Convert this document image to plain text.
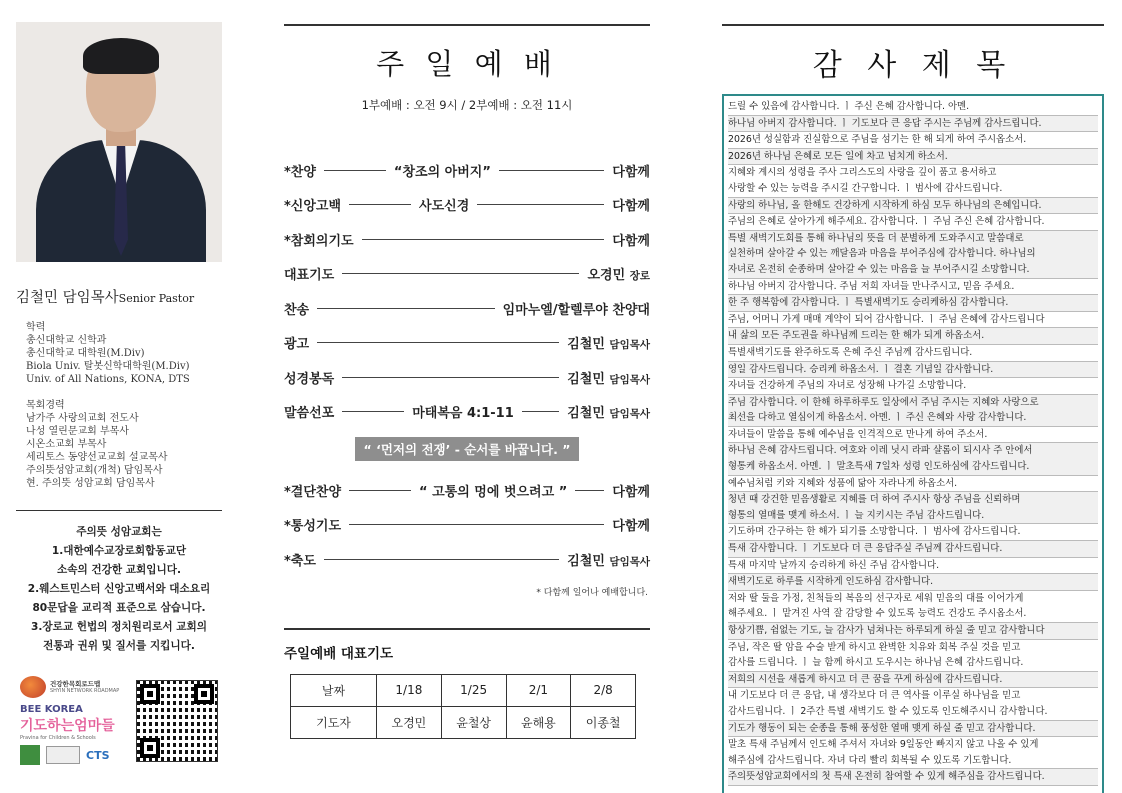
김철민 담임목사Senior Pastor
학력
총신대학교 신학과
총신대학교 대학원(M.Div)
Biola Univ. 탈봇신학대학원(M.Div)
Univ. of All Nations, KONA, DTS
목회경력
남가주 사랑의교회 전도사
나성 열린문교회 부목사
시온소교회 부목사
세리토스 동양선교교회 설교목사
주의뜻성암교회(개척) 담임목사
현. 주의뜻 성암교회 담임목사
주의뜻 성암교회는
1.대한예수교장로회합동교단
소속의 건강한 교회입니다.
2.웨스트민스터 신앙고백서와 대소요리
80문답을 교리적 표준으로 삼습니다.
3.장로교 헌법의 정치원리로서 교회의
전통과 권위 및 질서를 지킵니다.
건강한목회로드맵
SHYIN NETWORK ROADMAP
BEE KOREA
기도하는엄마들
Pravina for Children & Schools
CTS
주 일 예 배
1부예배 : 오전 9시 / 2부예배 : 오전 11시
*찬양	“창조의 아버지”	다함께
*신앙고백	사도신경	다함께
*참회의기도	다함께
대표기도	오경민 장로
찬송	임마누엘/할렐루야 찬양대
광고	김철민 담임목사
성경봉독	김철민 담임목사
말씀선포	마태복음 4:1-11	김철민 담임목사
“ ‘먼저의 전쟁’ - 순서를 바꿉니다. ”
*결단찬양	“ 고통의 멍에 벗으려고 ”	다함께
*통성기도	다함께
*축도	김철민 담임목사
* 다함께 일어나 예배합니다.
주일예배 대표기도
날짜	1/18	1/25	2/1	2/8
기도자	오경민	윤철상	윤해용	이종철
감 사 제 목
드릴 수 있음에 감사합니다. ㅣ 주신 은혜 감사합니다. 아멘.
하나님 아버지 감사합니다. ㅣ 기도보다 큰 응답 주시는 주님께 감사드립니다.
2026년 성실함과 진실함으로 주님을 섬기는 한 해 되게 하여 주시옵소서.
2026년 하나님 은혜로 모든 일에 차고 넘치게 하소서.
지혜와 계시의 성령을 주사 그리스도의 사랑을 깊이 품고 용서하고
사랑할 수 있는 능력을 주시길 간구합니다. ㅣ 범사에 감사드립니다.
사랑의 하나님, 올 한해도 건강하게 시작하게 하심 모두 하나님의 은혜입니다.
주님의 은혜로 살아가게 해주세요. 감사합니다. ㅣ 주님 주신 은혜 감사합니다.
특별 새벽기도회를 통해 하나님의 뜻을 더 분별하게 도와주시고 말씀대로
실천하며 살아갈 수 있는 깨달음과 마음을 부어주심에 감사합니다. 하나님의
자녀로 온전히 순종하며 살아갈 수 있는 마음을 늘 부어주시길 소망합니다.
하나님 아버지 감사합니다. 주님 저희 자녀들 만나주시고, 믿음 주세요.
한 주 행복함에 감사합니다. ㅣ 특별새벽기도 승리케하심 감사합니다.
주님, 어머니 가게 매매 계약이 되어 감사합니다. ㅣ 주님 은혜에 감사드립니다
내 삶의 모든 주도권을 하나님께 드리는 한 해가 되게 하옵소서.
특별새벽기도를 완주하도록 은혜 주신 주님께 감사드립니다.
영일 감사드립니다. 승리케 하옵소서. ㅣ 결혼 기념일 감사합니다.
자녀들 건강하게 주님의 자녀로 성장해 나가길 소망합니다.
주님 감사합니다. 이 한해 하루하루도 일상에서 주님 주시는 지혜와 사랑으로
최선을 다하고 열심이게 하옵소서. 아멘. ㅣ 주신 은혜와 사랑 감사합니다.
자녀들이 말씀을 통해 예수님을 인격적으로 만나게 하여 주소서.
하나님 은혜 감사드립니다. 여호와 이레 닛시 라파 샬롬이 되시사 주 안에서
형통케 하옵소서. 아멘. ㅣ 말초특새 7일차 성령 인도하심에 감사드립니다.
예수님처럼 키와 지혜와 성품에 닮아 자라나게 하옵소서.
청년 때 강건한 믿음생활로 지혜를 더 하여 주시사 항상 주님을 신뢰하며
형통의 열매를 맺게 하소서. ㅣ 늘 지키시는 주님 감사드립니다.
기도하며 간구하는 한 해가 되기를 소망합니다. ㅣ 범사에 감사드립니다.
특새 감사합니다. ㅣ 기도보다 더 큰 응답주실 주님께 감사드립니다.
특새 마지막 날까지 승리하게 하신 주님 감사합니다.
새벽기도로 하루를 시작하게 인도하심 감사합니다.
저와 딸 둘을 가정, 친척들의 복음의 선구자로 세워 믿음의 대를 이어가게
해주세요. ㅣ 맡겨진 사역 잘 감당할 수 있도록 능력도 건강도 주시옵소서.
항상기쁨, 쉼없는 기도, 늘 감사가 넘쳐나는 하루되게 하실 줄 믿고 감사합니다
주님, 작은 딸 암을 수술 받게 하시고 완벽한 치유와 회복 주실 것을 믿고
감사를 드립니다. ㅣ 늘 함께 하시고 도우시는 하나님 은혜 감사드립니다.
저희의 시선을 새롭게 하시고 더 큰 꿈을 꾸게 하심에 감사드립니다.
내 기도보다 더 큰 응답, 내 생각보다 더 큰 역사를 이루실 하나님을 믿고
감사드립니다. ㅣ 2주간 특별 새벽기도 할 수 있도록 인도해주시니 감사합니다.
기도가 행동이 되는 순종을 통해 풍성한 열매 맺게 하실 줄 믿고 감사합니다.
말초 특새 주님께서 인도해 주셔서 자녀와 9일동안 빠지지 않고 나올 수 있게
해주심에 감사드립니다. 자녀 다리 빨리 회복될 수 있도록 기도합니다.
주의뜻성암교회에서의 첫 특새 온전히 참여할 수 있게 해주심을 감사드립니다.
